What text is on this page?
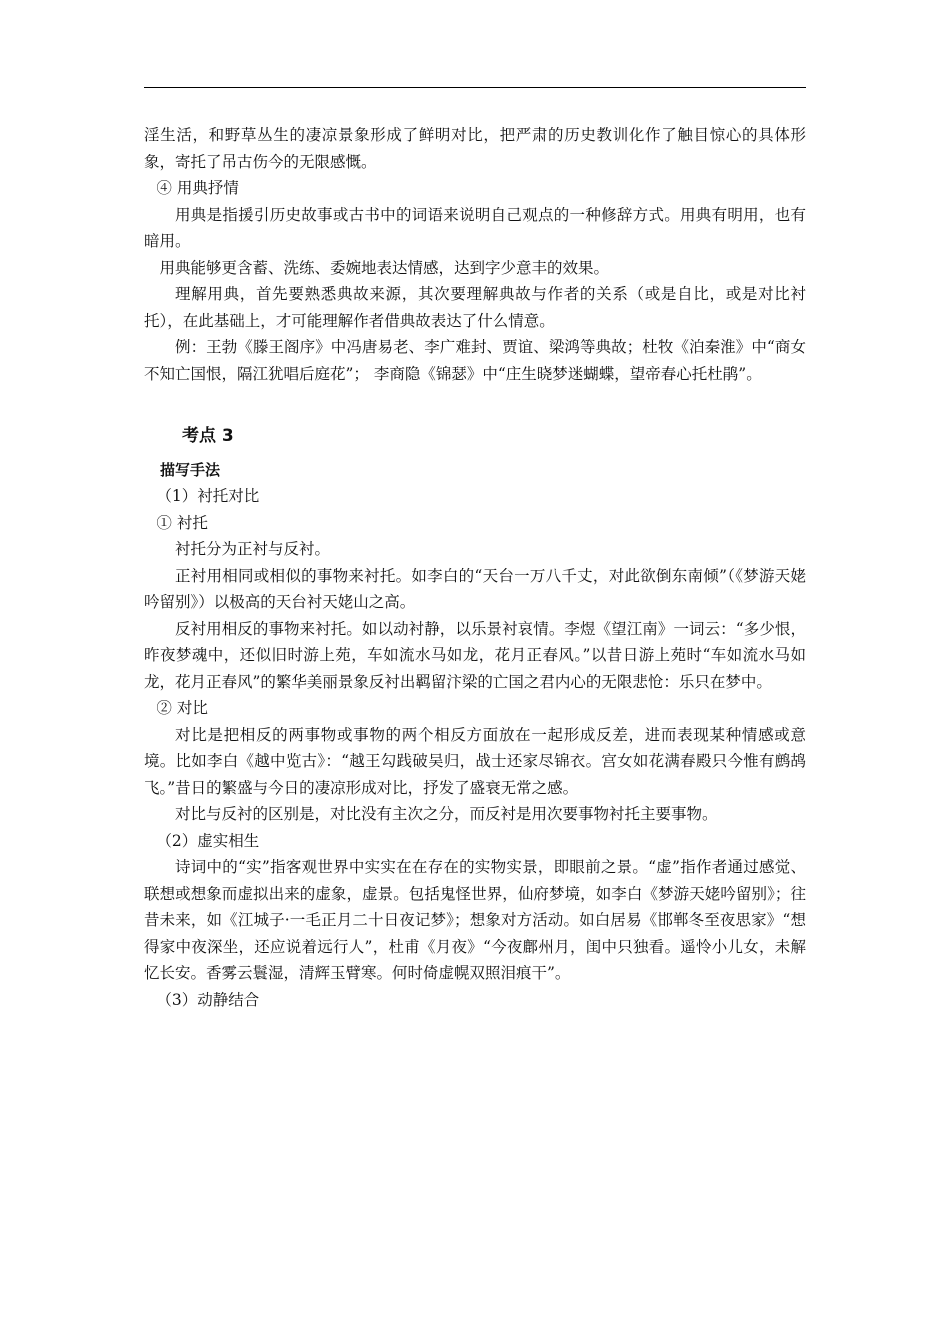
淫生活，和野草丛生的凄凉景象形成了鲜明对比，把严肃的历史教训化作了触目惊心的具体形象，寄托了吊古伤今的无限感慨。

④ 用典抒情

用典是指援引历史故事或古书中的词语来说明自己观点的一种修辞方式。用典有明用，也有暗用。

用典能够更含蓄、洗练、委婉地表达情感，达到字少意丰的效果。

理解用典，首先要熟悉典故来源，其次要理解典故与作者的关系（或是自比，或是对比衬托），在此基础上，才可能理解作者借典故表达了什么情意。

例：王勃《滕王阁序》中冯唐易老、李广难封、贾谊、梁鸿等典故；杜牧《泊秦淮》中“商女不知亡国恨，隔江犹唱后庭花”； 李商隐《锦瑟》中“庄生晓梦迷蝴蝶，望帝春心托杜鹃”。

考点 3
描写手法

（1）衬托对比

① 衬托

衬托分为正衬与反衬。

正衬用相同或相似的事物来衬托。如李白的“天台一万八千丈，对此欲倒东南倾”（《梦游天姥吟留别》）以极高的天台衬天姥山之高。

反衬用相反的事物来衬托。如以动衬静，以乐景衬哀情。李煜《望江南》一词云：“多少恨，昨夜梦魂中，还似旧时游上苑，车如流水马如龙，花月正春风。”以昔日游上苑时“车如流水马如龙，花月正春风”的繁华美丽景象反衬出羁留汴梁的亡国之君内心的无限悲怆：乐只在梦中。

② 对比

对比是把相反的两事物或事物的两个相反方面放在一起形成反差，进而表现某种情感或意境。比如李白《越中览古》：“越王勾践破吴归，战士还家尽锦衣。宫女如花满春殿只今惟有鹧鸪飞。”昔日的繁盛与今日的凄凉形成对比，抒发了盛衰无常之感。

对比与反衬的区别是，对比没有主次之分，而反衬是用次要事物衬托主要事物。

（2）虚实相生

诗词中的“实”指客观世界中实实在在存在的实物实景，即眼前之景。“虚”指作者通过感觉、联想或想象而虚拟出来的虚象，虚景。包括鬼怪世界，仙府梦境，如李白《梦游天姥吟留别》；往昔未来，如《江城子·一毛正月二十日夜记梦》；想象对方活动。如白居易《邯郸冬至夜思家》“想得家中夜深坐，还应说着远行人”，杜甫《月夜》“今夜鄜州月，闺中只独看。遥怜小儿女，未解忆长安。香雾云鬟湿，清辉玉臂寒。何时倚虚幌双照泪痕干”。

（3）动静结合
